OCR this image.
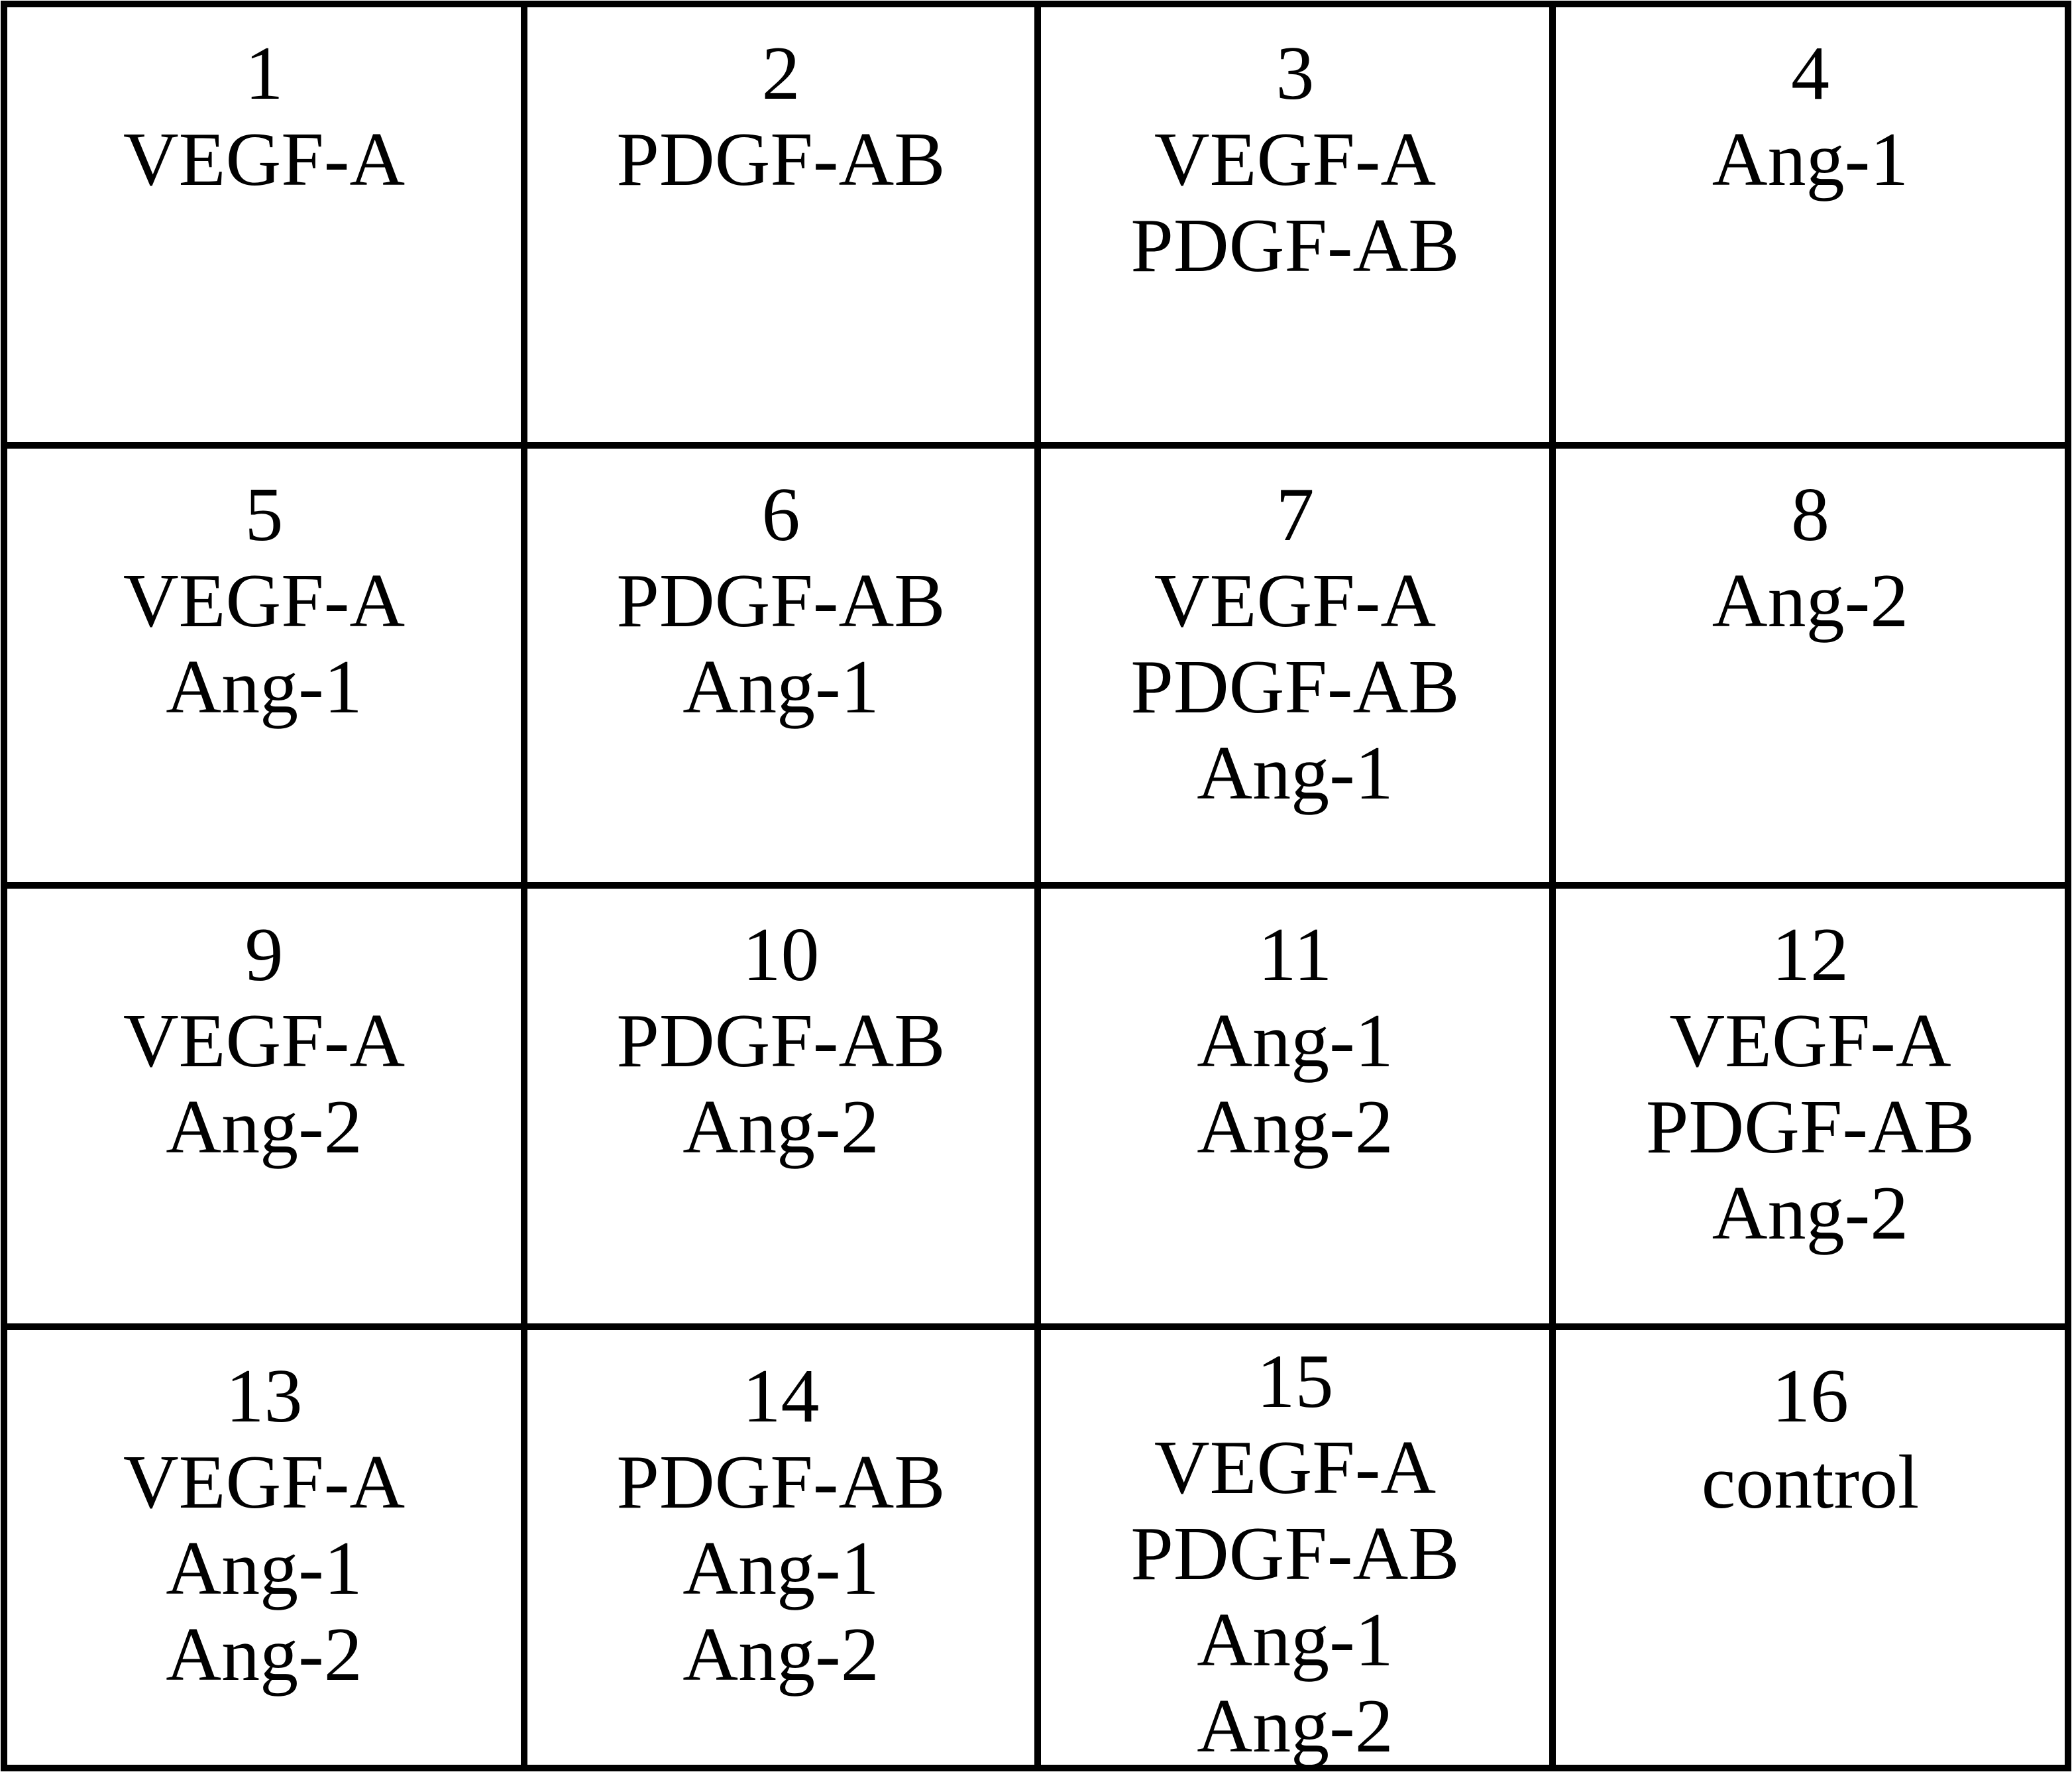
1
VEGF-A
2
PDGF-AB
3
VEGF-A
PDGF-AB
4
Ang-1
5
VEGF-A
Ang-1
6
PDGF-AB
Ang-1
7
VEGF-A
PDGF-AB
Ang-1
8
Ang-2
9
VEGF-A
Ang-2
10
PDGF-AB
Ang-2
11
Ang-1
Ang-2
12
VEGF-A
PDGF-AB
Ang-2
13
VEGF-A
Ang-1
Ang-2
14
PDGF-AB
Ang-1
Ang-2
15
VEGF-A
PDGF-AB
Ang-1
Ang-2
16
control
